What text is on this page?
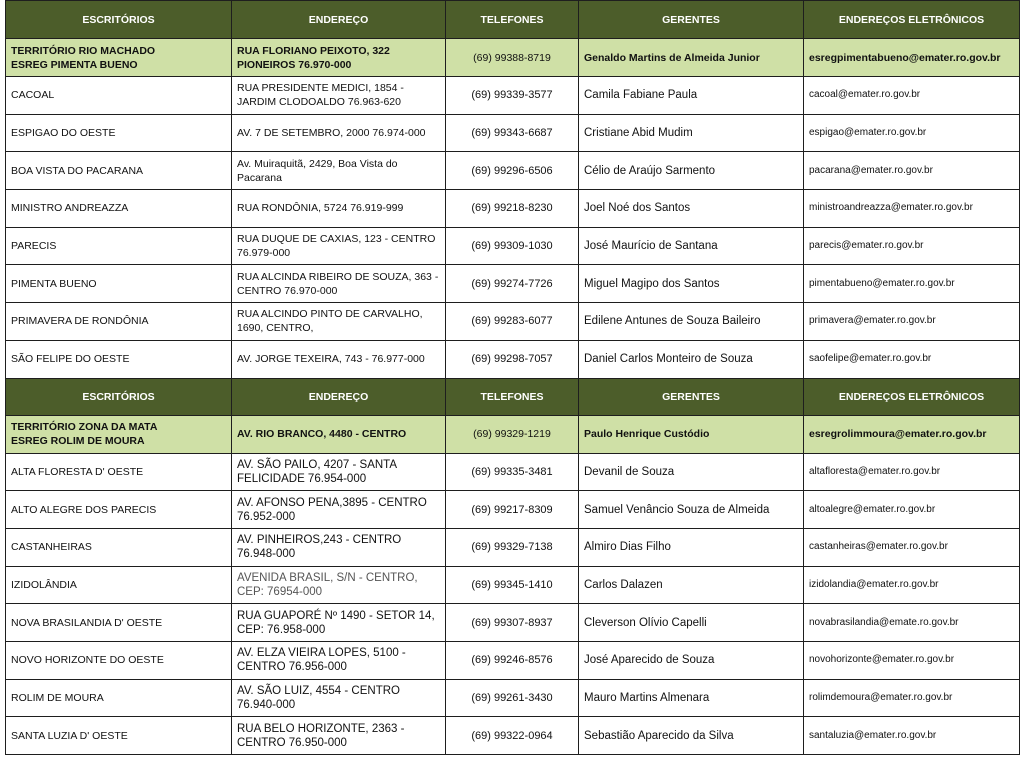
ESCRITÓRIOS	ENDEREÇO	TELEFONES	GERENTES	ENDEREÇOS ELETRÔNICOS
TERRITÓRIO RIO MACHADO
ESREG PIMENTA BUENO	RUA FLORIANO PEIXOTO, 322 PIONEIROS 76.970-000	(69) 99388-8719	Genaldo Martins de Almeida Junior	esregpimentabueno@emater.ro.gov.br
CACOAL	RUA PRESIDENTE MEDICI, 1854 - JARDIM CLODOALDO 76.963-620	(69) 99339-3577	Camila Fabiane Paula	cacoal@emater.ro.gov.br
ESPIGAO DO OESTE	AV. 7 DE SETEMBRO, 2000 76.974-000	(69) 99343-6687	Cristiane Abid Mudim	espigao@emater.ro.gov.br
BOA VISTA DO PACARANA	Av. Muiraquitã, 2429, Boa Vista do Pacarana	(69) 99296-6506	Célio de Araújo Sarmento	pacarana@emater.ro.gov.br
MINISTRO ANDREAZZA	RUA RONDÔNIA, 5724 76.919-999	(69) 99218-8230	Joel Noé dos Santos	ministroandreazza@emater.ro.gov.br
PARECIS	RUA DUQUE DE CAXIAS, 123 - CENTRO 76.979-000	(69) 99309-1030	José Maurício de Santana	parecis@emater.ro.gov.br
PIMENTA BUENO	RUA ALCINDA RIBEIRO DE SOUZA, 363 - CENTRO 76.970-000	(69) 99274-7726	Miguel Magipo dos Santos	pimentabueno@emater.ro.gov.br
PRIMAVERA DE RONDÔNIA	RUA ALCINDO PINTO DE CARVALHO, 1690, CENTRO,	(69) 99283-6077	Edilene Antunes de Souza Baileiro	primavera@emater.ro.gov.br
SÃO FELIPE DO OESTE	AV. JORGE TEXEIRA, 743 - 76.977-000	(69) 99298-7057	Daniel Carlos Monteiro de Souza	saofelipe@emater.ro.gov.br
ESCRITÓRIOS	ENDEREÇO	TELEFONES	GERENTES	ENDEREÇOS ELETRÔNICOS
TERRITÓRIO ZONA DA MATA
ESREG ROLIM DE MOURA	AV. RIO BRANCO, 4480 - CENTRO	(69) 99329-1219	Paulo Henrique Custódio	esregrolimmoura@emater.ro.gov.br
ALTA FLORESTA D' OESTE	AV. SÃO PAILO, 4207 - SANTA FELICIDADE 76.954-000	(69) 99335-3481	Devanil de Souza	altafloresta@emater.ro.gov.br
ALTO ALEGRE DOS PARECIS	AV. AFONSO PENA,3895 - CENTRO 76.952-000	(69) 99217-8309	Samuel Venâncio Souza de Almeida	altoalegre@emater.ro.gov.br
CASTANHEIRAS	AV. PINHEIROS,243 - CENTRO 76.948-000	(69) 99329-7138	Almiro Dias Filho	castanheiras@emater.ro.gov.br
IZIDOLÂNDIA	AVENIDA BRASIL, S/N - CENTRO, CEP: 76954-000	(69) 99345-1410	Carlos Dalazen	izidolandia@emater.ro.gov.br
NOVA BRASILANDIA D' OESTE	RUA GUAPORÉ Nº 1490 - SETOR 14, CEP: 76.958-000	(69) 99307-8937	Cleverson Olívio Capelli	novabrasilandia@emate.ro.gov.br
NOVO HORIZONTE DO OESTE	AV. ELZA VIEIRA LOPES, 5100 - CENTRO 76.956-000	(69) 99246-8576	José Aparecido de Souza	novohorizonte@emater.ro.gov.br
ROLIM DE MOURA	AV. SÃO LUIZ, 4554 - CENTRO 76.940-000	(69) 99261-3430	Mauro Martins Almenara	rolimdemoura@emater.ro.gov.br
SANTA LUZIA D' OESTE	RUA BELO HORIZONTE, 2363 - CENTRO 76.950-000	(69) 99322-0964	Sebastião Aparecido da Silva	santaluzia@emater.ro.gov.br
